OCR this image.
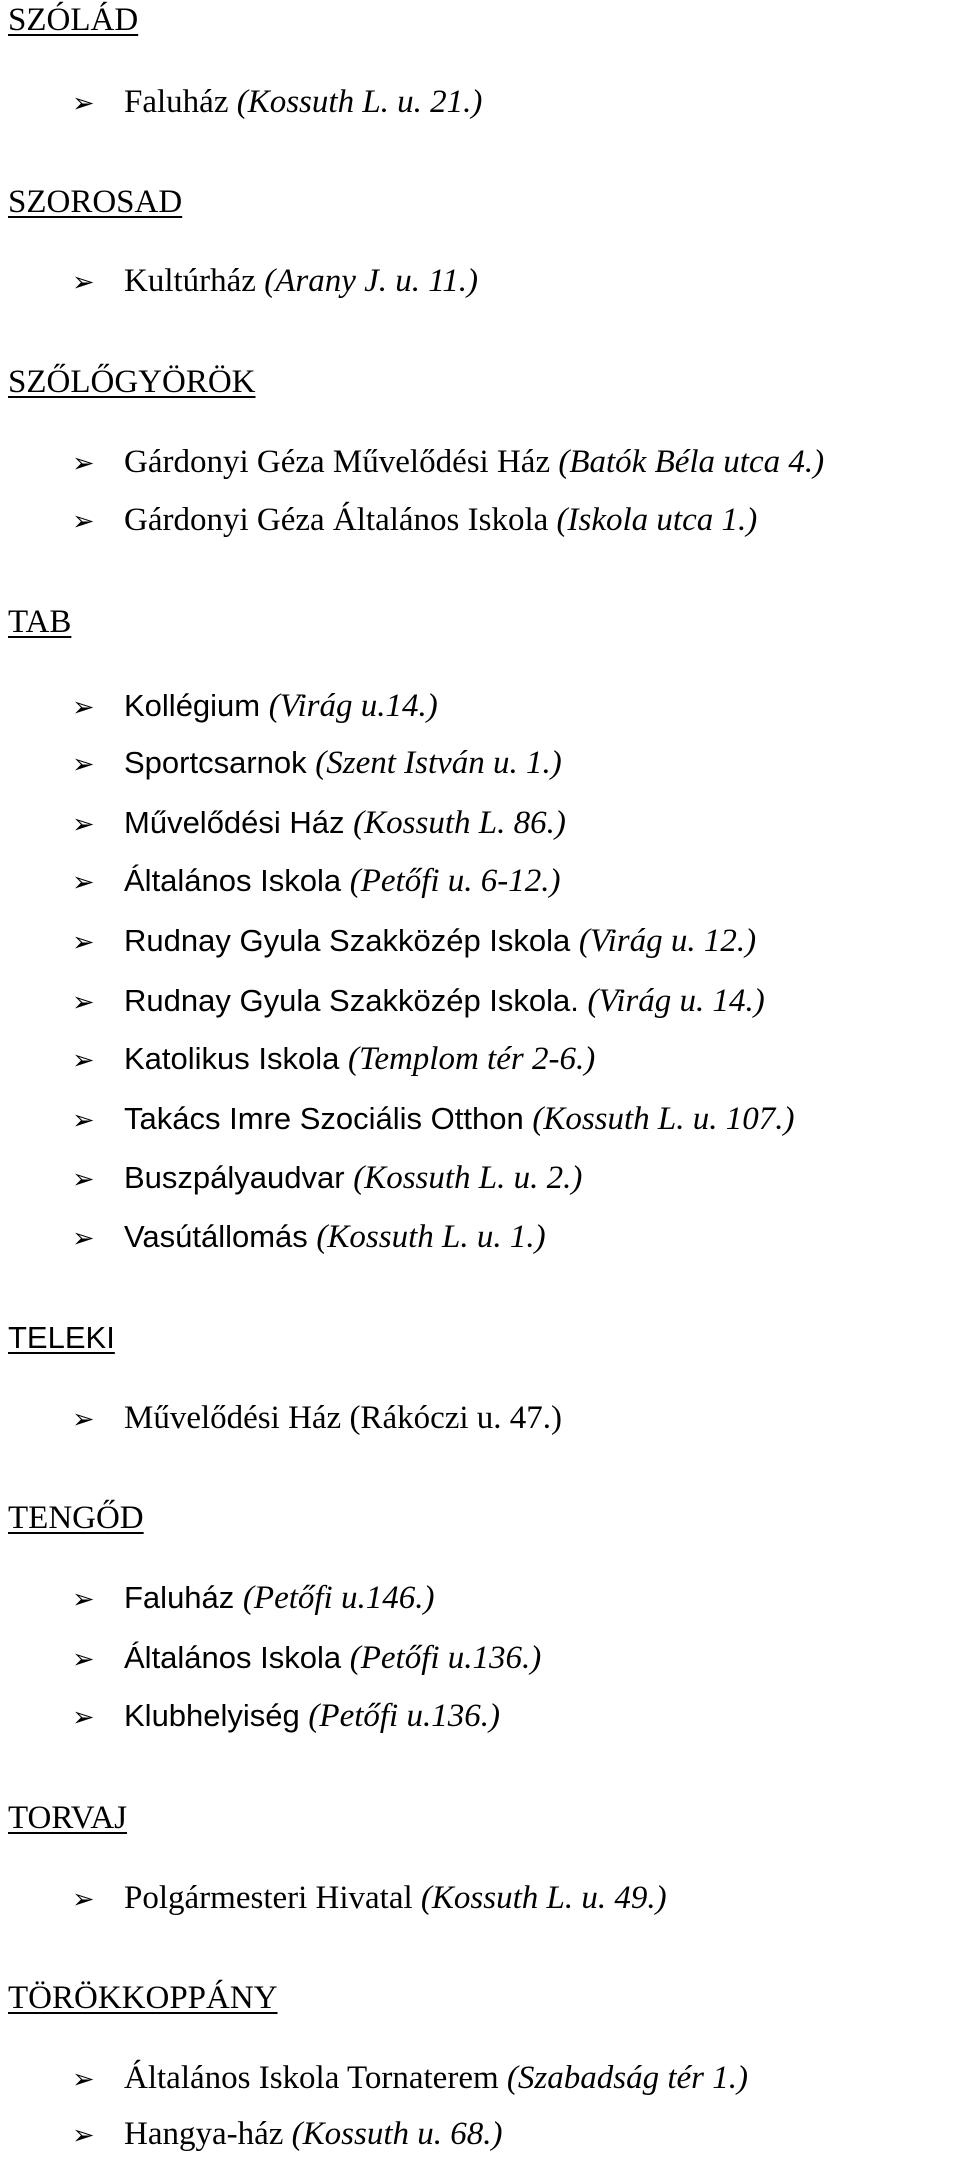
SZÓLÁD
➢ Faluház (Kossuth L. u. 21.)
SZOROSAD
➢ Kultúrház (Arany J. u. 11.)
SZŐLŐGYÖRÖK
➢ Gárdonyi Géza Művelődési Ház (Batók Béla utca 4.)
➢ Gárdonyi Géza Általános Iskola (Iskola utca 1.)
TAB
➢ Kollégium (Virág u.14.)
➢ Sportcsarnok (Szent István u. 1.)
➢ Művelődési Ház (Kossuth L. 86.)
➢ Általános Iskola (Petőfi u. 6-12.)
➢ Rudnay Gyula Szakközép Iskola (Virág u. 12.)
➢ Rudnay Gyula Szakközép Iskola. (Virág u. 14.)
➢ Katolikus Iskola (Templom tér 2-6.)
➢ Takács Imre Szociális Otthon (Kossuth L. u. 107.)
➢ Buszpályaudvar (Kossuth L. u. 2.)
➢ Vasútállomás (Kossuth L. u. 1.)
TELEKI
➢ Művelődési Ház (Rákóczi u. 47.)
TENGŐD
➢ Faluház (Petőfi u.146.)
➢ Általános Iskola (Petőfi u.136.)
➢ Klubhelyiség (Petőfi u.136.)
TORVAJ
➢ Polgármesteri Hivatal (Kossuth L. u. 49.)
TÖRÖKKOPPÁNY
➢ Általános Iskola Tornaterem (Szabadság tér 1.)
➢ Hangya-ház (Kossuth u. 68.)
